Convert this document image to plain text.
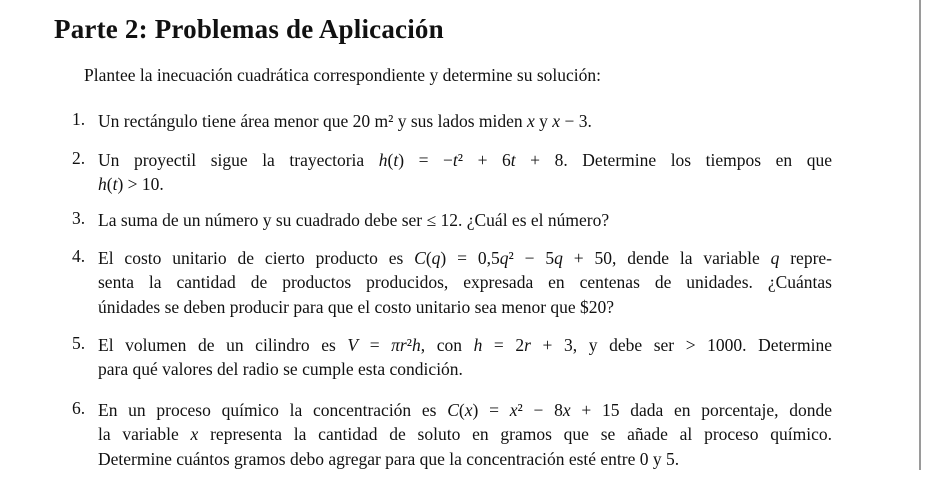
Parte 2: Problemas de Aplicación
Plantee la inecuación cuadrática correspondiente y determine su solución:
1. Un rectángulo tiene área menor que 20 m² y sus lados miden x y x − 3.
2. Un proyectil sigue la trayectoria h(t) = −t² + 6t + 8. Determine los tiempos en que
h(t) > 10.
3. La suma de un número y su cuadrado debe ser ≤ 12. ¿Cuál es el número?
4. El costo unitario de cierto producto es C(q) = 0,5q² − 5q + 50, dende la variable q repre-
senta la cantidad de productos producidos, expresada en centenas de unidades. ¿Cuántas
únidades se deben producir para que el costo unitario sea menor que $20?
5. El volumen de un cilindro es V = πr²h, con h = 2r + 3, y debe ser > 1000. Determine
para qué valores del radio se cumple esta condición.
6. En un proceso químico la concentración es C(x) = x² − 8x + 15 dada en porcentaje, donde
la variable x representa la cantidad de soluto en gramos que se añade al proceso químico.
Determine cuántos gramos debo agregar para que la concentración esté entre 0 y 5.
